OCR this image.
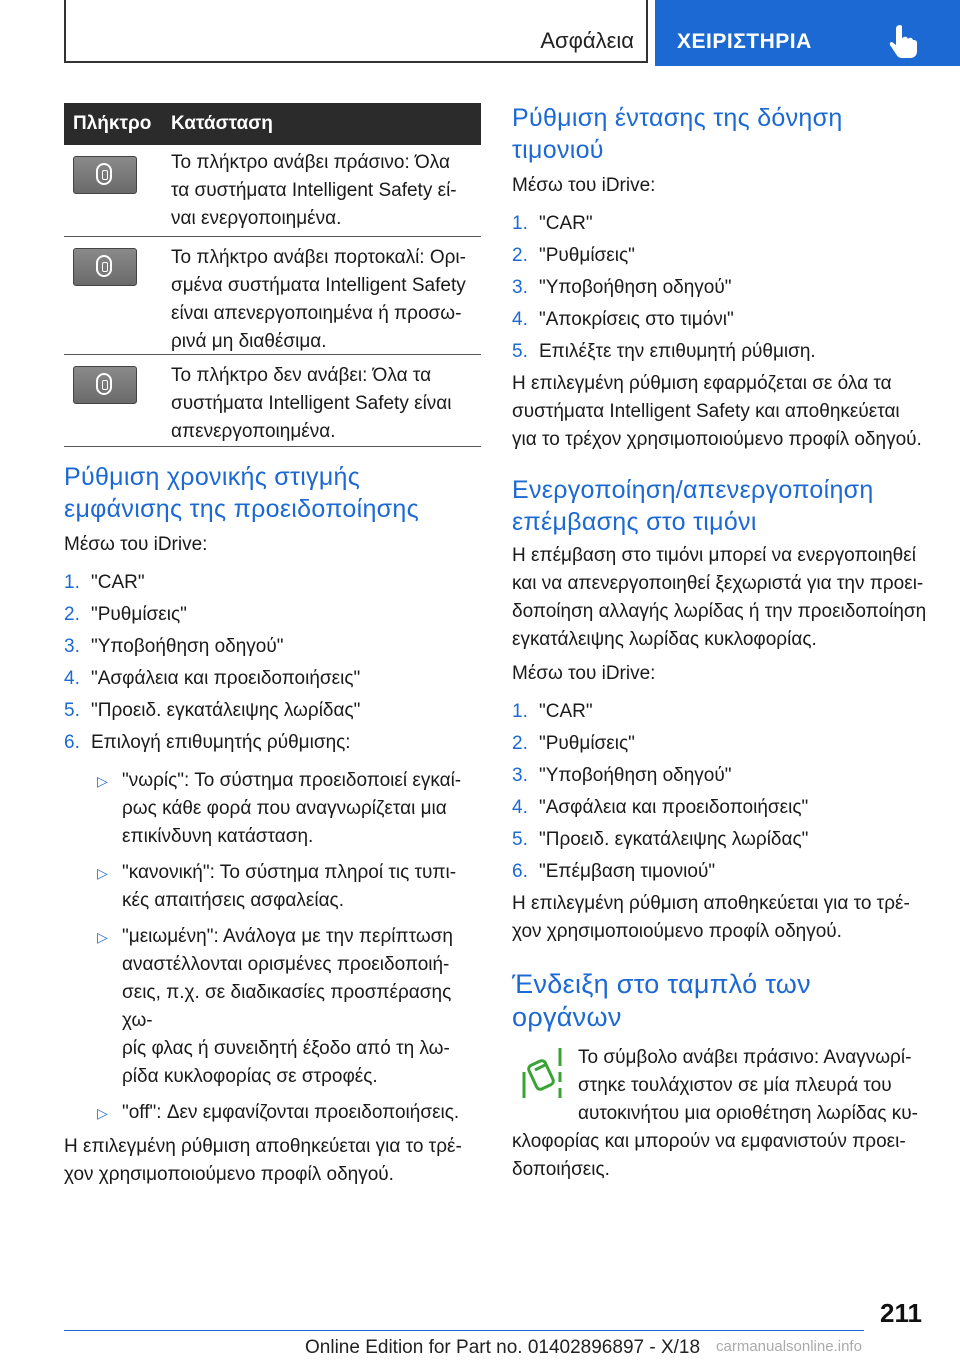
Ασφάλεια ΧΕΙΡΙΣΤΗΡΙΑ
Πλήκτρο Κατάσταση
Το πλήκτρο ανάβει πράσινο: Όλα
τα συστήματα Intelligent Safety εί‐
ναι ενεργοποιημένα.
Το πλήκτρο ανάβει πορτοκαλί: Ορι‐
σμένα συστήματα Intelligent Safety
είναι απενεργοποιημένα ή προσω‐
ρινά μη διαθέσιμα.
Το πλήκτρο δεν ανάβει: Όλα τα
συστήματα Intelligent Safety είναι
απενεργοποιημένα.
Ρύθμιση χρονικής στιγμής
εμφάνισης της προειδοποίησης

Μέσω του iDrive:

1. "CAR"
2. "Ρυθμίσεις"
3. "Υποβοήθηση οδηγού"
4. "Ασφάλεια και προειδοποιήσεις"
5. "Προειδ. εγκατάλειψης λωρίδας"
6. Επιλογή επιθυμητής ρύθμισης:
▷ "νωρίς": Το σύστημα προειδοποιεί εγκαί‐
ρως κάθε φορά που αναγνωρίζεται μια
επικίνδυνη κατάσταση.
▷ "κανονική": Το σύστημα πληροί τις τυπι‐
κές απαιτήσεις ασφαλείας.
▷ "μειωμένη": Ανάλογα με την περίπτωση
αναστέλλονται ορισμένες προειδοποιή‐
σεις, π.χ. σε διαδικασίες προσπέρασης χω‐
ρίς φλας ή συνειδητή έξοδο από τη λω‐
ρίδα κυκλοφορίας σε στροφές.
▷ "off": Δεν εμφανίζονται προειδοποιήσεις.

Η επιλεγμένη ρύθμιση αποθηκεύεται για το τρέ‐
χον χρησιμοποιούμενο προφίλ οδηγού.

Ρύθμιση έντασης της δόνηση
τιμονιού

Μέσω του iDrive:

1. "CAR"
2. "Ρυθμίσεις"
3. "Υποβοήθηση οδηγού"
4. "Αποκρίσεις στο τιμόνι"
5. Επιλέξτε την επιθυμητή ρύθμιση.

Η επιλεγμένη ρύθμιση εφαρμόζεται σε όλα τα
συστήματα Intelligent Safety και αποθηκεύεται
για το τρέχον χρησιμοποιούμενο προφίλ οδηγού.

Ενεργοποίηση/απενεργοποίηση
επέμβασης στο τιμόνι

Η επέμβαση στο τιμόνι μπορεί να ενεργοποιηθεί
και να απενεργοποιηθεί ξεχωριστά για την προει‐
δοποίηση αλλαγής λωρίδας ή την προειδοποίηση
εγκατάλειψης λωρίδας κυκλοφορίας.

Μέσω του iDrive:

1. "CAR"
2. "Ρυθμίσεις"
3. "Υποβοήθηση οδηγού"
4. "Ασφάλεια και προειδοποιήσεις"
5. "Προειδ. εγκατάλειψης λωρίδας"
6. "Επέμβαση τιμονιού"

Η επιλεγμένη ρύθμιση αποθηκεύεται για το τρέ‐
χον χρησιμοποιούμενο προφίλ οδηγού.

Ένδειξη στο ταμπλό των
οργάνων

Το σύμβολο ανάβει πράσινο: Αναγνωρί‐
στηκε τουλάχιστον σε μία πλευρά του
αυτοκινήτου μια οριοθέτηση λωρίδας κυ‐

κλοφορίας και μπορούν να εμφανιστούν προει‐
δοποιήσεις.

211
Online Edition for Part no. 01402896897 - X/18 carmanualsonline.info
